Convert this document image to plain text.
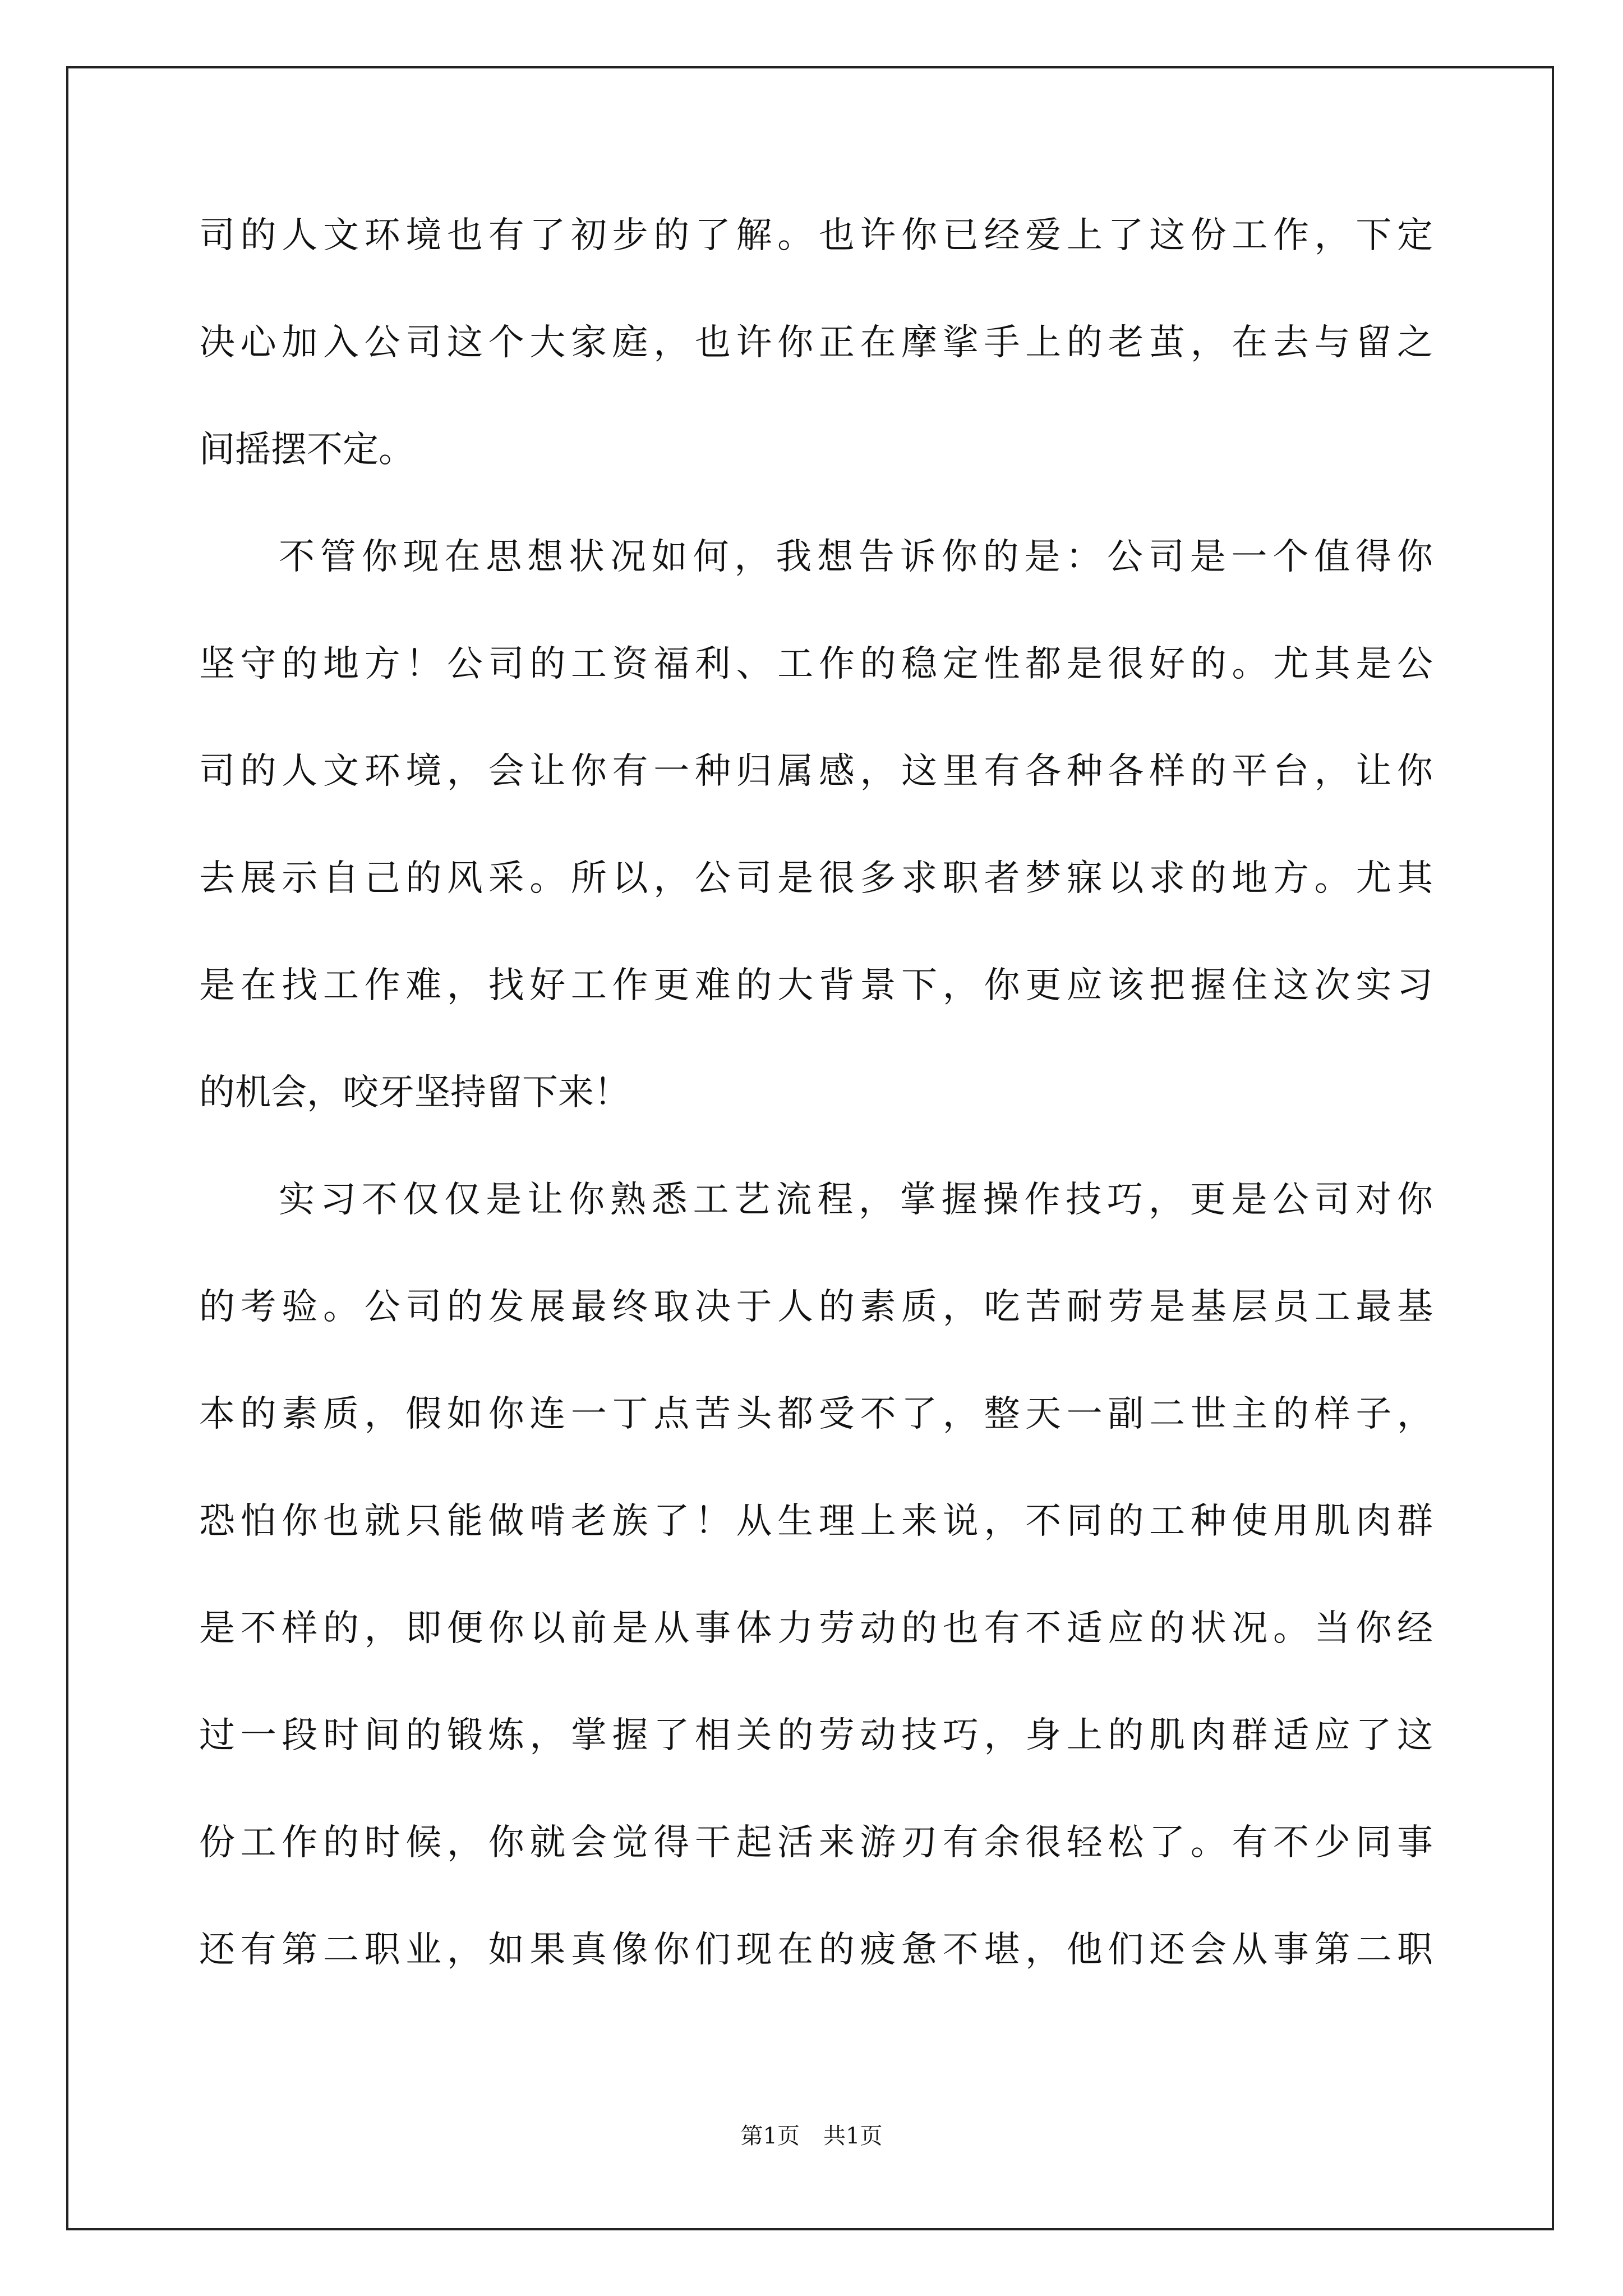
司的人文环境也有了初步的了解。也许你已经爱上了这份工作，下定
决心加入公司这个大家庭，也许你正在摩挲手上的老茧，在去与留之
间摇摆不定。
不管你现在思想状况如何，我想告诉你的是：公司是一个值得你
坚守的地方！公司的工资福利、工作的稳定性都是很好的。尤其是公
司的人文环境，会让你有一种归属感，这里有各种各样的平台，让你
去展示自己的风采。所以，公司是很多求职者梦寐以求的地方。尤其
是在找工作难，找好工作更难的大背景下，你更应该把握住这次实习
的机会，咬牙坚持留下来！
实习不仅仅是让你熟悉工艺流程，掌握操作技巧，更是公司对你
的考验。公司的发展最终取决于人的素质，吃苦耐劳是基层员工最基
本的素质，假如你连一丁点苦头都受不了，整天一副二世主的样子，
恐怕你也就只能做啃老族了！从生理上来说，不同的工种使用肌肉群
是不样的，即便你以前是从事体力劳动的也有不适应的状况。当你经
过一段时间的锻炼，掌握了相关的劳动技巧，身上的肌肉群适应了这
份工作的时候，你就会觉得干起活来游刃有余很轻松了。有不少同事
还有第二职业，如果真像你们现在的疲惫不堪，他们还会从事第二职
第1页 共1页
